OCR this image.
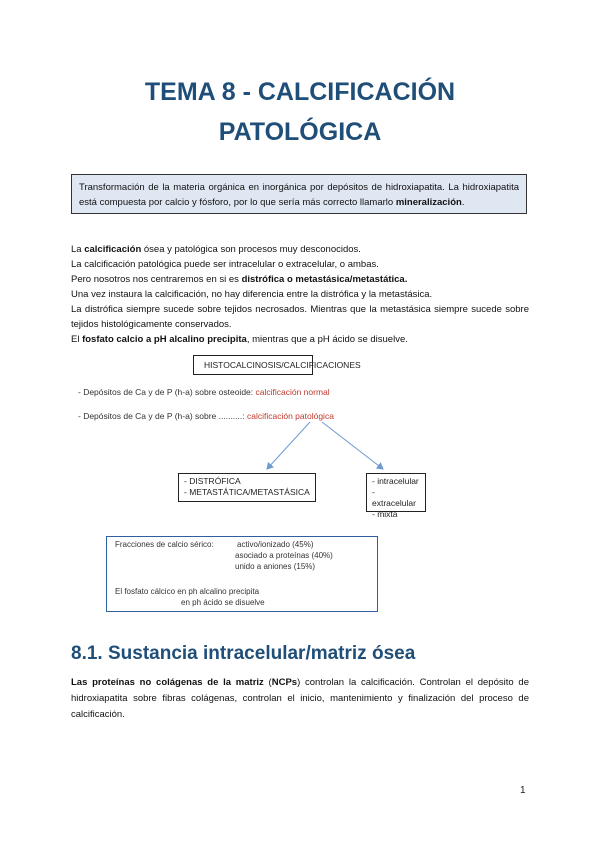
TEMA 8 - CALCIFICACIÓN
PATOLÓGICA
Transformación de la materia orgánica en inorgánica por depósitos de hidroxiapatita. La hidroxiapatita está compuesta por calcio y fósforo, por lo que sería más correcto llamarlo mineralización.
La calcificación ósea y patológica son procesos muy desconocidos.
La calcificación patológica puede ser intracelular o extracelular, o ambas.
Pero nosotros nos centraremos en si es distrófica o metastásica/metastática.
Una vez instaura la calcificación, no hay diferencia entre la distrófica y la metastásica.
La distrófica siempre sucede sobre tejidos necrosados. Mientras que la metastásica siempre sucede sobre tejidos histológicamente conservados.
El fosfato calcio a pH alcalino precipita, mientras que a pH ácido se disuelve.
HISTOCALCINOSIS/CALCIFICACIONES
- Depósitos de Ca y de P (h-a) sobre osteoide: calcificación normal
- Depósitos de Ca y de P (h-a) sobre ..........: calcificación patológica
- DISTRÓFICA
- METASTÁTICA/METASTÁSICA
- intracelular
- extracelular
- mixta
Fracciones de calcio sérico:	activo/ionizado (45%)
asociado a proteínas (40%)
unido a aniones (15%)
El fosfato cálcico en ph alcalino precipita
en ph ácido se disuelve
8.1. Sustancia intracelular/matriz ósea
Las proteínas no colágenas de la matriz (NCPs) controlan la calcificación. Controlan el depósito de hidroxiapatita sobre fibras colágenas, controlan el inicio, mantenimiento y finalización del proceso de calcificación.
1
